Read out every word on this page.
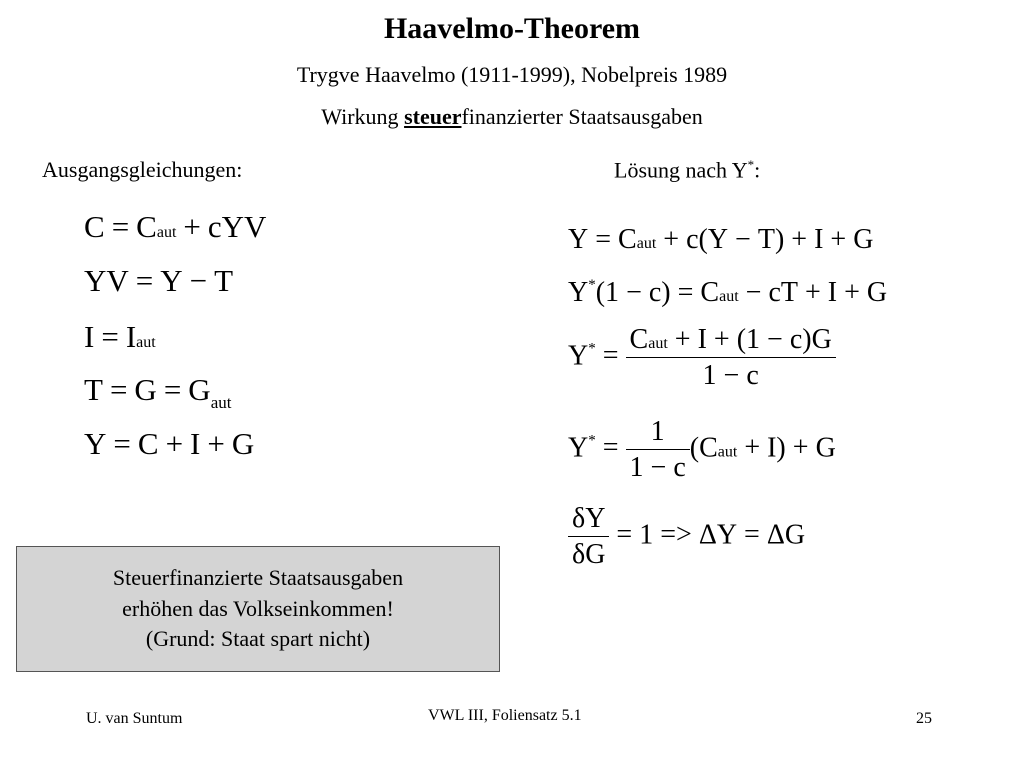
Haavelmo-Theorem
Trygve Haavelmo (1911-1999), Nobelpreis 1989
Wirkung steuerfinanzierter Staatsausgaben
Ausgangsgleichungen:	Lösung nach Y*:
C = Caut + cYV
YV = Y − T
I = Iaut
$T = G = G_{aut}$
Y = C + I + G
Y = Caut + c(Y − T) + I + G
Y*(1 − c) = Caut − cT + I + G
$Y^* = \frac{\text{Caut + I + (1 − c)G}}{1 - c}$
$Y^* = \frac{1}{1 - c}$ (Caut + I) + G
$\frac{\delta Y}{\delta G} = 1 => \Delta Y = \Delta G$
Steuerfinanzierte Staatsausgaben
erhöhen das Volkseinkommen!
(Grund: Staat spart nicht)
U. van Suntum	VWL III, Foliensatz 5.1	25
